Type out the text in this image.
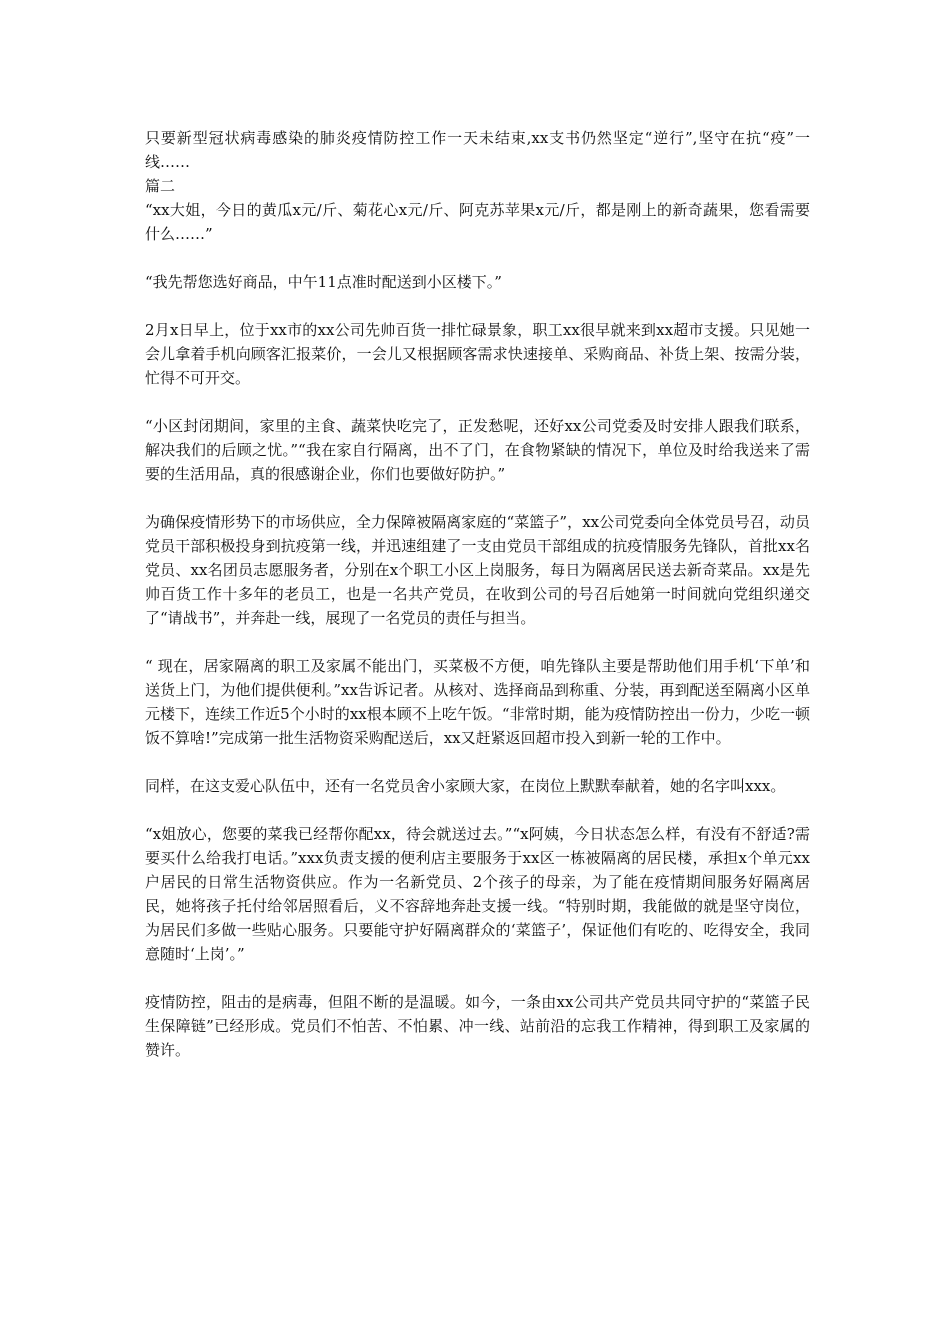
只要新型冠状病毒感染的肺炎疫情防控工作一天未结束,xx支书仍然坚定“逆行”,坚守在抗“疫”一线……

篇二

“xx大姐，今日的黄瓜x元/斤、菊花心x元/斤、阿克苏苹果x元/斤，都是刚上的新奇蔬果，您看需要什么……”

“我先帮您选好商品，中午11点准时配送到小区楼下。”

2月x日早上，位于xx市的xx公司先帅百货一排忙碌景象，职工xx很早就来到xx超市支援。只见她一会儿拿着手机向顾客汇报菜价，一会儿又根据顾客需求快速接单、采购商品、补货上架、按需分装，忙得不可开交。

“小区封闭期间，家里的主食、蔬菜快吃完了，正发愁呢，还好xx公司党委及时安排人跟我们联系，解决我们的后顾之忧。”“我在家自行隔离，出不了门，在食物紧缺的情况下，单位及时给我送来了需要的生活用品，真的很感谢企业，你们也要做好防护。”

为确保疫情形势下的市场供应，全力保障被隔离家庭的“菜篮子”，xx公司党委向全体党员号召，动员党员干部积极投身到抗疫第一线，并迅速组建了一支由党员干部组成的抗疫情服务先锋队，首批xx名党员、xx名团员志愿服务者，分别在x个职工小区上岗服务，每日为隔离居民送去新奇菜品。xx是先帅百货工作十多年的老员工，也是一名共产党员，在收到公司的号召后她第一时间就向党组织递交了“请战书”，并奔赴一线，展现了一名党员的责任与担当。

“ 现在，居家隔离的职工及家属不能出门，买菜极不方便，咱先锋队主要是帮助他们用手机‘下单’和送货上门，为他们提供便利。”xx告诉记者。从核对、选择商品到称重、分装，再到配送至隔离小区单元楼下，连续工作近5个小时的xx根本顾不上吃午饭。“非常时期，能为疫情防控出一份力，少吃一顿饭不算啥!”完成第一批生活物资采购配送后，xx又赶紧返回超市投入到新一轮的工作中。

同样，在这支爱心队伍中，还有一名党员舍小家顾大家，在岗位上默默奉献着，她的名字叫xxx。

“x姐放心，您要的菜我已经帮你配xx，待会就送过去。”“x阿姨，今日状态怎么样，有没有不舒适?需要买什么给我打电话。”xxx负责支援的便利店主要服务于xx区一栋被隔离的居民楼，承担x个单元xx户居民的日常生活物资供应。作为一名新党员、2个孩子的母亲，为了能在疫情期间服务好隔离居民，她将孩子托付给邻居照看后，义不容辞地奔赴支援一线。“特别时期，我能做的就是坚守岗位，为居民们多做一些贴心服务。只要能守护好隔离群众的‘菜篮子’，保证他们有吃的、吃得安全，我同意随时‘上岗’。”

疫情防控，阻击的是病毒，但阻不断的是温暖。如今，一条由xx公司共产党员共同守护的“菜篮子民生保障链”已经形成。党员们不怕苦、不怕累、冲一线、站前沿的忘我工作精神，得到职工及家属的赞许。
